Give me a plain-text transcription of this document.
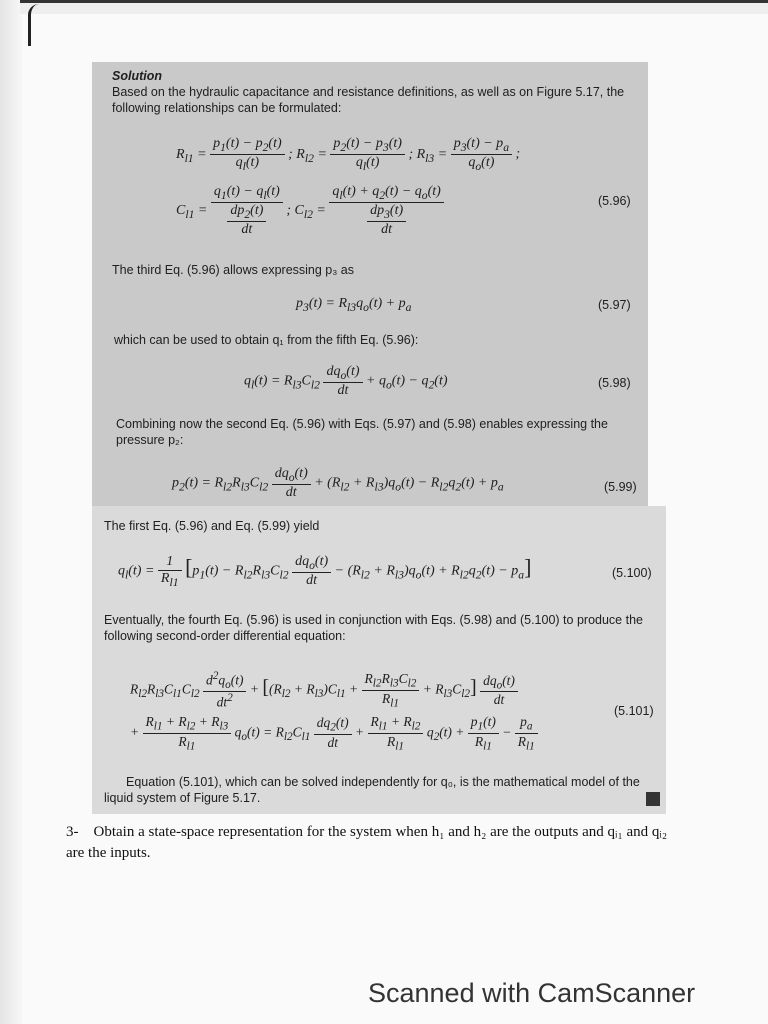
Solution
Based on the hydraulic capacitance and resistance definitions, as well as on Figure 5.17, the following relationships can be formulated:
$R_{l1} = \frac{p_1(t) - p_2(t)}{q_l(t)}$ ; $R_{l2} = \frac{p_2(t) - p_3(t)}{q_l(t)}$ ; $R_{l3} = \frac{p_3(t) - p_a}{q_o(t)}$ ;
$C_{l1} = \frac{q_1(t) - q_l(t)}{\frac{dp_2(t)}{dt}}$ ; $C_{l2} = \frac{q_l(t) + q_2(t) - q_o(t)}{\frac{dp_3(t)}{dt}}$	(5.96)
The third Eq. (5.96) allows expressing p₃ as
$p_3(t) = R_{l3}q_o(t) + p_a$	(5.97)
which can be used to obtain q₁ from the fifth Eq. (5.96):
$q_l(t) = R_{l3}C_{l2} \frac{dq_o(t)}{dt} + q_o(t) - q_2(t)$	(5.98)
Combining now the second Eq. (5.96) with Eqs. (5.97) and (5.98) enables expressing the pressure p₂:
$p_2(t) = R_{l2}R_{l3}C_{l2} \frac{dq_o(t)}{dt} + (R_{l2} + R_{l3})q_o(t) - R_{l2}q_2(t) + p_a$	(5.99)
The first Eq. (5.96) and Eq. (5.99) yield
$q_l(t) = \frac{1}{R_{l1}} [p_1(t) - R_{l2}R_{l3}C_{l2} \frac{dq_o(t)}{dt} - (R_{l2} + R_{l3})q_o(t) + R_{l2}q_2(t) - p_a]$	(5.100)
Eventually, the fourth Eq. (5.96) is used in conjunction with Eqs. (5.98) and (5.100) to produce the following second-order differential equation:
$R_{l2}R_{l3}C_{l1}C_{l2} \frac{d^2q_o(t)}{dt^2} + [(R_{l2} + R_{l3})C_{l1} + \frac{R_{l2}R_{l3}C_{l2}}{R_{l1}} + R_{l3}C_{l2}] \frac{dq_o(t)}{dt}$
+ $\frac{R_{l1} + R_{l2} + R_{l3}}{R_{l1}} q_o(t) = R_{l2}C_{l1} \frac{dq_2(t)}{dt} + \frac{R_{l1} + R_{l2}}{R_{l1}} q_2(t) + \frac{p_1(t)}{R_{l1}} - \frac{p_a}{R_{l1}}$
(5.101)
Equation (5.101), which can be solved independently for q₀, is the mathematical model of the liquid system of Figure 5.17.
3- Obtain a state-space representation for the system when h₁ and h₂ are the outputs and qᵢ₁ and qᵢ₂ are the inputs.
Scanned with CamScanner
